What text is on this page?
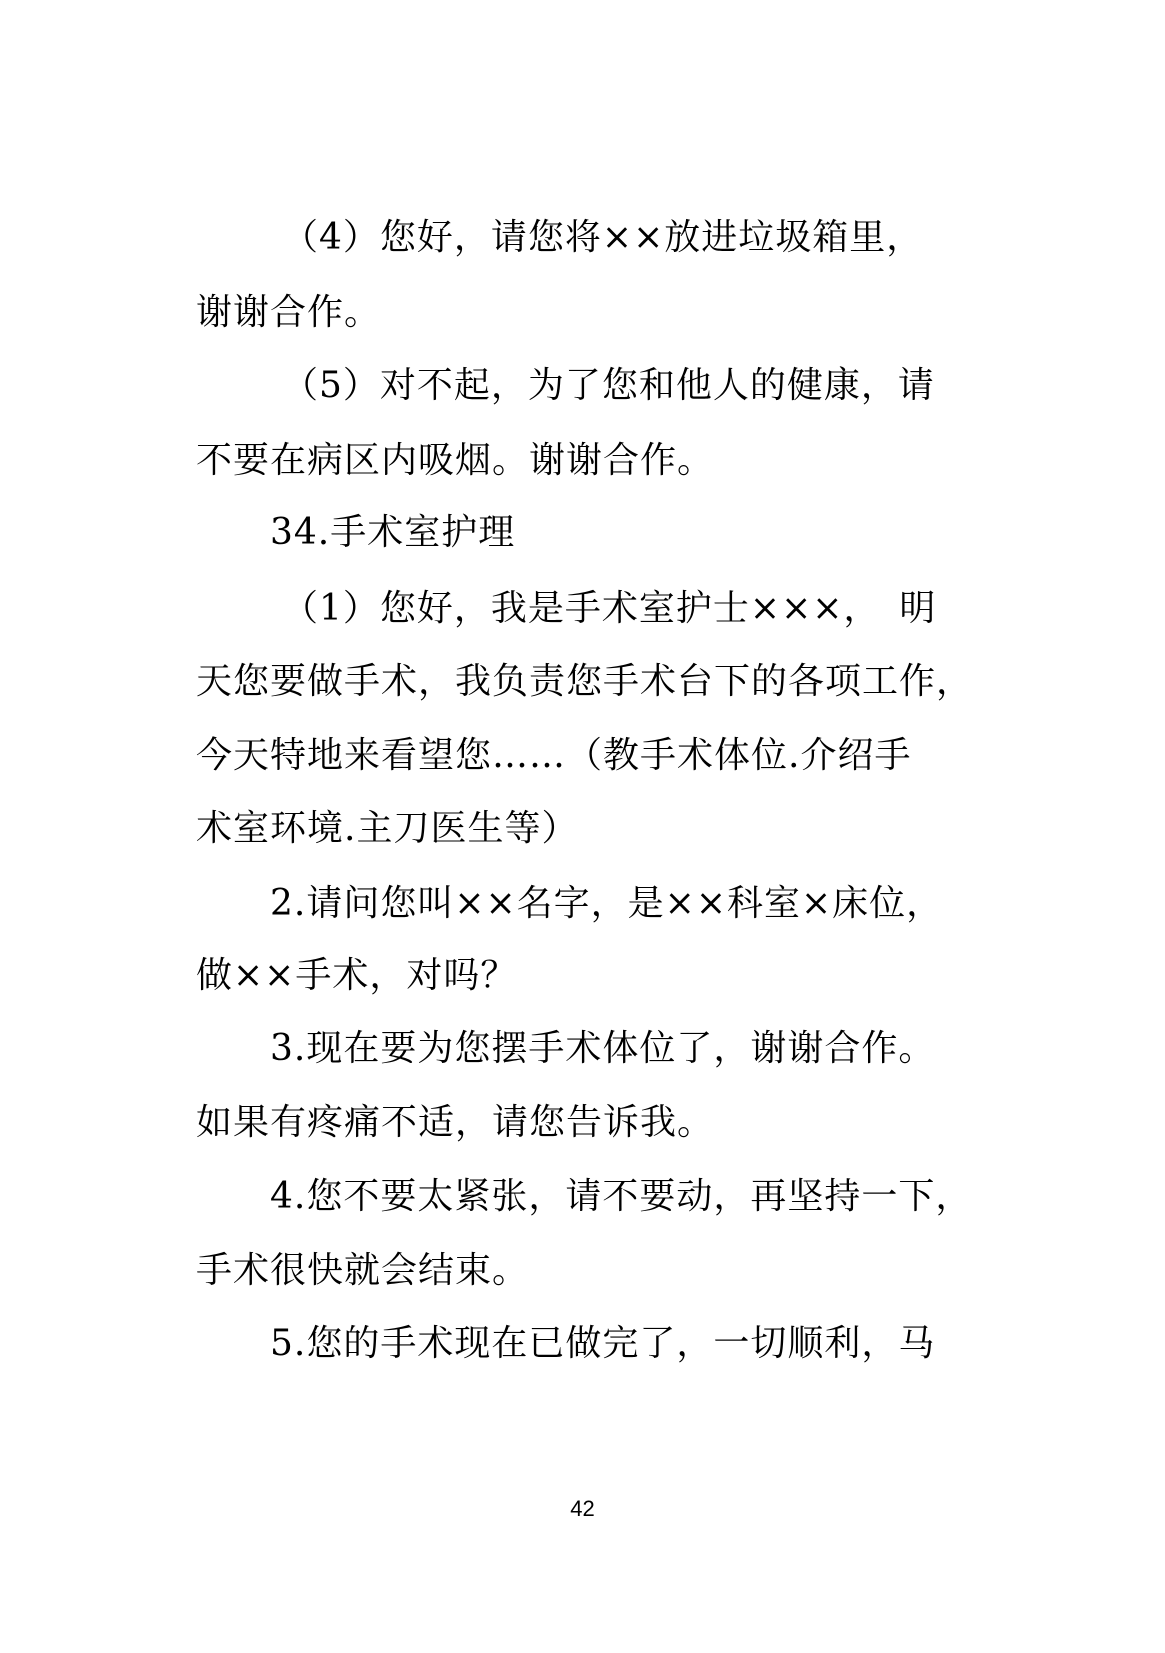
（4）您好，请您将××放进垃圾箱里，
谢谢合作。
（5）对不起，为了您和他人的健康，请
不要在病区内吸烟。谢谢合作。
34.手术室护理
（1）您好，我是手术室护士×××，　明
天您要做手术，我负责您手术台下的各项工作，
今天特地来看望您……（教手术体位.介绍手
术室环境.主刀医生等）
2.请问您叫××名字，是××科室×床位，
做××手术，对吗？
3.现在要为您摆手术体位了，谢谢合作。
如果有疼痛不适，请您告诉我。
4.您不要太紧张，请不要动，再坚持一下，
手术很快就会结束。
5.您的手术现在已做完了，一切顺利，马
42
